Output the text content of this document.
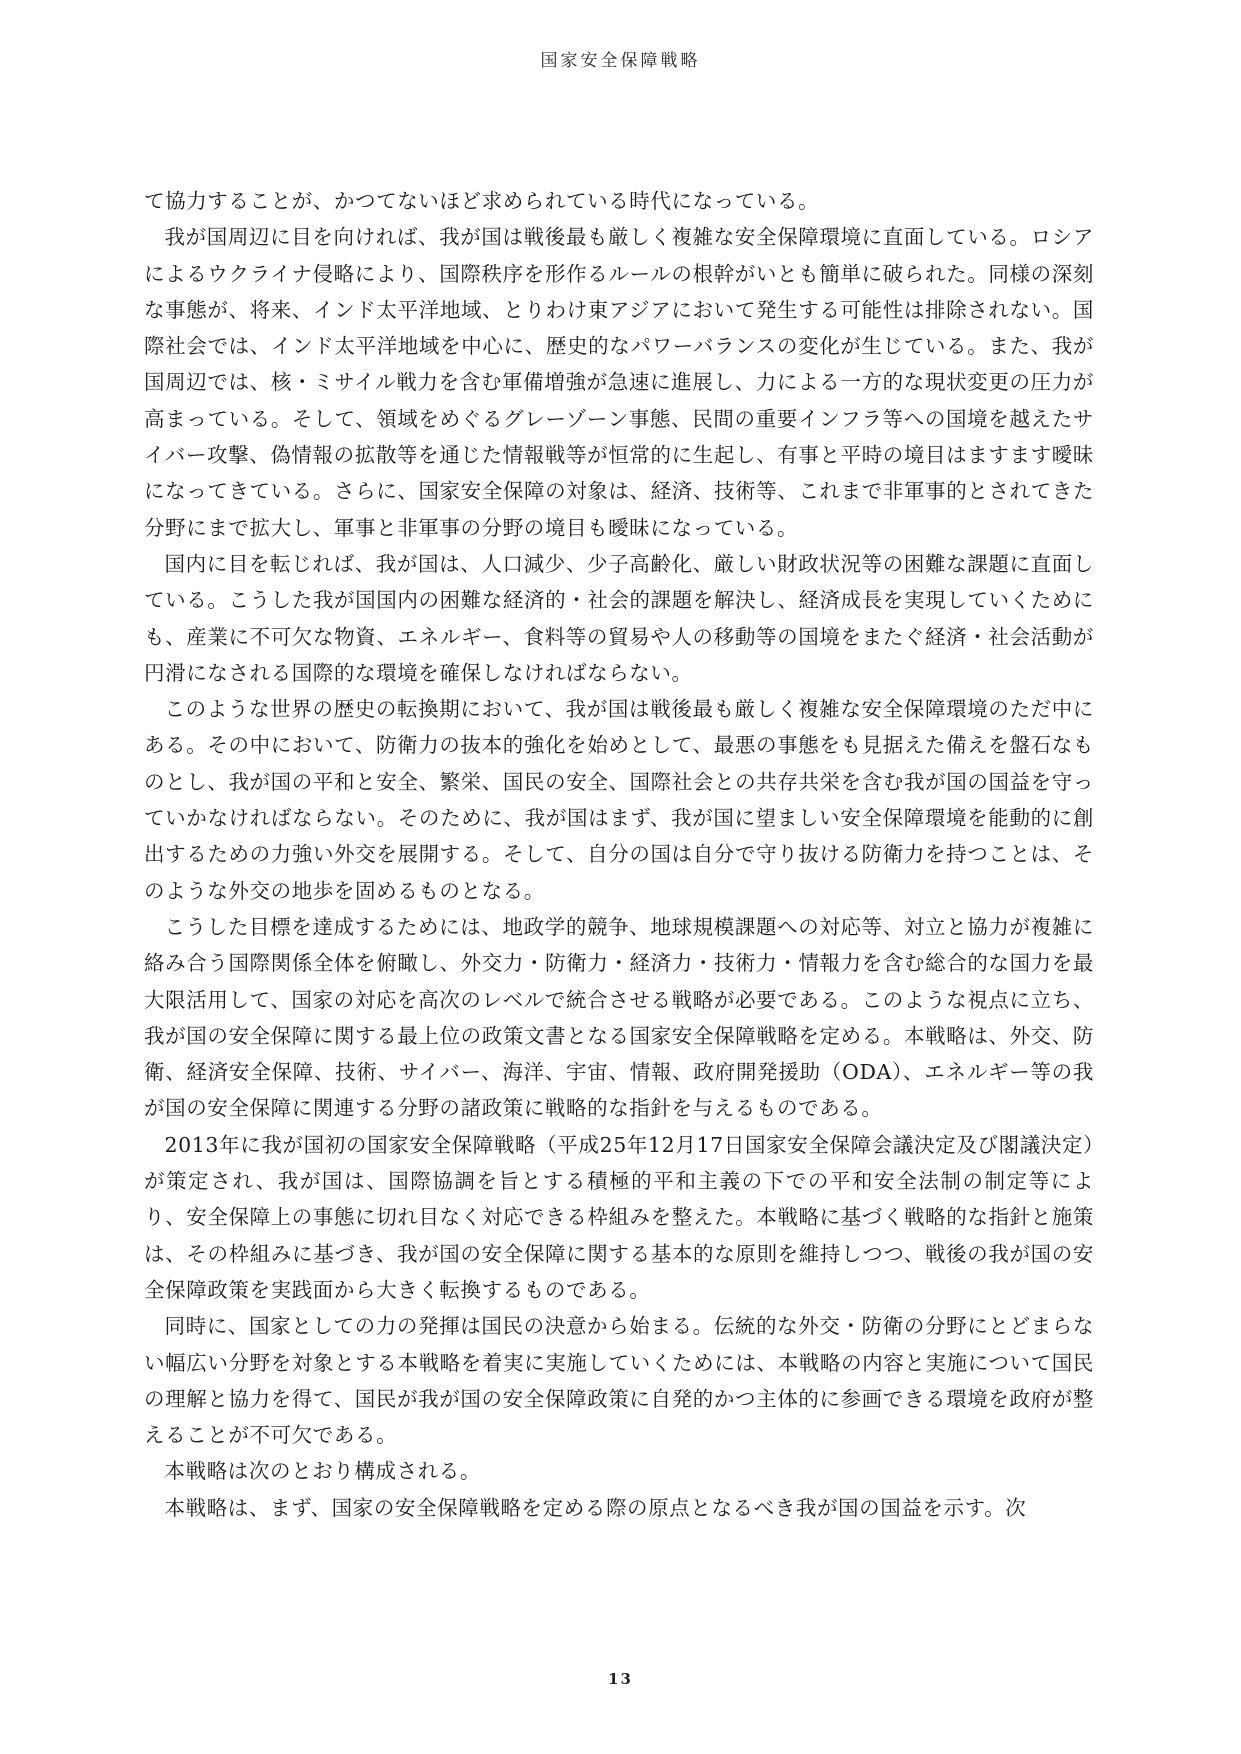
国家安全保障戦略

て協力することが、かつてないほど求められている時代になっている。

我が国周辺に目を向ければ、我が国は戦後最も厳しく複雑な安全保障環境に直面している。ロシアによるウクライナ侵略により、国際秩序を形作るルールの根幹がいとも簡単に破られた。同様の深刻な事態が、将来、インド太平洋地域、とりわけ東アジアにおいて発生する可能性は排除されない。国際社会では、インド太平洋地域を中心に、歴史的なパワーバランスの変化が生じている。また、我が国周辺では、核・ミサイル戦力を含む軍備増強が急速に進展し、力による一方的な現状変更の圧力が高まっている。そして、領域をめぐるグレーゾーン事態、民間の重要インフラ等への国境を越えたサイバー攻撃、偽情報の拡散等を通じた情報戦等が恒常的に生起し、有事と平時の境目はますます曖昧になってきている。さらに、国家安全保障の対象は、経済、技術等、これまで非軍事的とされてきた分野にまで拡大し、軍事と非軍事の分野の境目も曖昧になっている。

国内に目を転じれば、我が国は、人口減少、少子高齢化、厳しい財政状況等の困難な課題に直面している。こうした我が国国内の困難な経済的・社会的課題を解決し、経済成長を実現していくためにも、産業に不可欠な物資、エネルギー、食料等の貿易や人の移動等の国境をまたぐ経済・社会活動が円滑になされる国際的な環境を確保しなければならない。

このような世界の歴史の転換期において、我が国は戦後最も厳しく複雑な安全保障環境のただ中にある。その中において、防衛力の抜本的強化を始めとして、最悪の事態をも見据えた備えを盤石なものとし、我が国の平和と安全、繁栄、国民の安全、国際社会との共存共栄を含む我が国の国益を守っていかなければならない。そのために、我が国はまず、我が国に望ましい安全保障環境を能動的に創出するための力強い外交を展開する。そして、自分の国は自分で守り抜ける防衛力を持つことは、そのような外交の地歩を固めるものとなる。

こうした目標を達成するためには、地政学的競争、地球規模課題への対応等、対立と協力が複雑に絡み合う国際関係全体を俯瞰し、外交力・防衛力・経済力・技術力・情報力を含む総合的な国力を最大限活用して、国家の対応を高次のレベルで統合させる戦略が必要である。このような視点に立ち、我が国の安全保障に関する最上位の政策文書となる国家安全保障戦略を定める。本戦略は、外交、防衛、経済安全保障、技術、サイバー、海洋、宇宙、情報、政府開発援助（ODA）、エネルギー等の我が国の安全保障に関連する分野の諸政策に戦略的な指針を与えるものである。

2013年に我が国初の国家安全保障戦略（平成25年12月17日国家安全保障会議決定及び閣議決定）が策定され、我が国は、国際協調を旨とする積極的平和主義の下での平和安全法制の制定等により、安全保障上の事態に切れ目なく対応できる枠組みを整えた。本戦略に基づく戦略的な指針と施策は、その枠組みに基づき、我が国の安全保障に関する基本的な原則を維持しつつ、戦後の我が国の安全保障政策を実践面から大きく転換するものである。

同時に、国家としての力の発揮は国民の決意から始まる。伝統的な外交・防衛の分野にとどまらない幅広い分野を対象とする本戦略を着実に実施していくためには、本戦略の内容と実施について国民の理解と協力を得て、国民が我が国の安全保障政策に自発的かつ主体的に参画できる環境を政府が整えることが不可欠である。

本戦略は次のとおり構成される。

本戦略は、まず、国家の安全保障戦略を定める際の原点となるべき我が国の国益を示す。次

13
